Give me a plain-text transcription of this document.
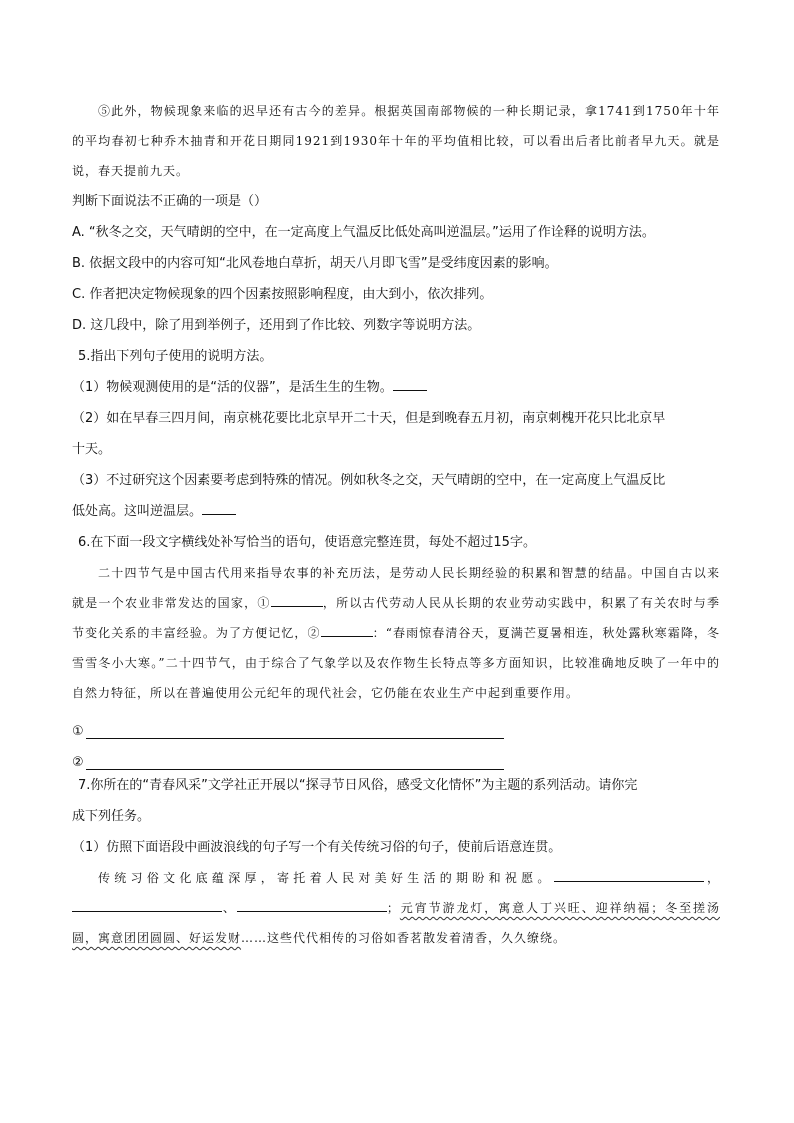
⑤此外，物候现象来临的迟早还有古今的差异。根据英国南部物候的一种长期记录，拿1741到1750年十年的平均春初七种乔木抽青和开花日期同1921到1930年十年的平均值相比较，可以看出后者比前者早九天。就是说，春天提前九天。

判断下面说法不正确的一项是（）

A. “秋冬之交，天气晴朗的空中，在一定高度上气温反比低处高叫逆温层。”运用了作诠释的说明方法。

B. 依据文段中的内容可知“北风卷地白草折，胡天八月即飞雪”是受纬度因素的影响。

C. 作者把决定物候现象的四个因素按照影响程度，由大到小，依次排列。

D. 这几段中，除了用到举例子，还用到了作比较、列数字等说明方法。

5.指出下列句子使用的说明方法。

（1）物候观测使用的是“活的仪器”，是活生生的生物。

（2）如在早春三四月间，南京桃花要比北京早开二十天，但是到晚春五月初，南京刺槐开花只比北京早

十天。

（3）不过研究这个因素要考虑到特殊的情况。例如秋冬之交，天气晴朗的空中，在一定高度上气温反比

低处高。这叫逆温层。

6.在下面一段文字横线处补写恰当的语句，使语意完整连贯，每处不超过15字。

二十四节气是中国古代用来指导农事的补充历法，是劳动人民长期经验的积累和智慧的结晶。中国自古以来就是一个农业非常发达的国家，①	，所以古代劳动人民从长期的农业劳动实践中，积累了有关农时与季节变化关系的丰富经验。为了方便记忆，②	：“春雨惊春清谷天，夏满芒夏暑相连，秋处露秋寒霜降，冬雪雪冬小大寒。”二十四节气，由于综合了气象学以及农作物生长特点等多方面知识，比较准确地反映了一年中的自然力特征，所以在普遍使用公元纪年的现代社会，它仍能在农业生产中起到重要作用。

①
②

7.你所在的“青春风采”文学社正开展以“探寻节日风俗，感受文化情怀”为主题的系列活动。请你完

成下列任务。

（1）仿照下面语段中画波浪线的句子写一个有关传统习俗的句子，使前后语意连贯。

传统习俗文化底蕴深厚，寄托着人民对美好生活的期盼和祝愿。	，、	；元宵节游龙灯，寓意人丁兴旺、迎祥纳福；冬至搓汤圆，寓意团团圆圆、好运发财……这些代代相传的习俗如香茗散发着清香，久久缭绕。
